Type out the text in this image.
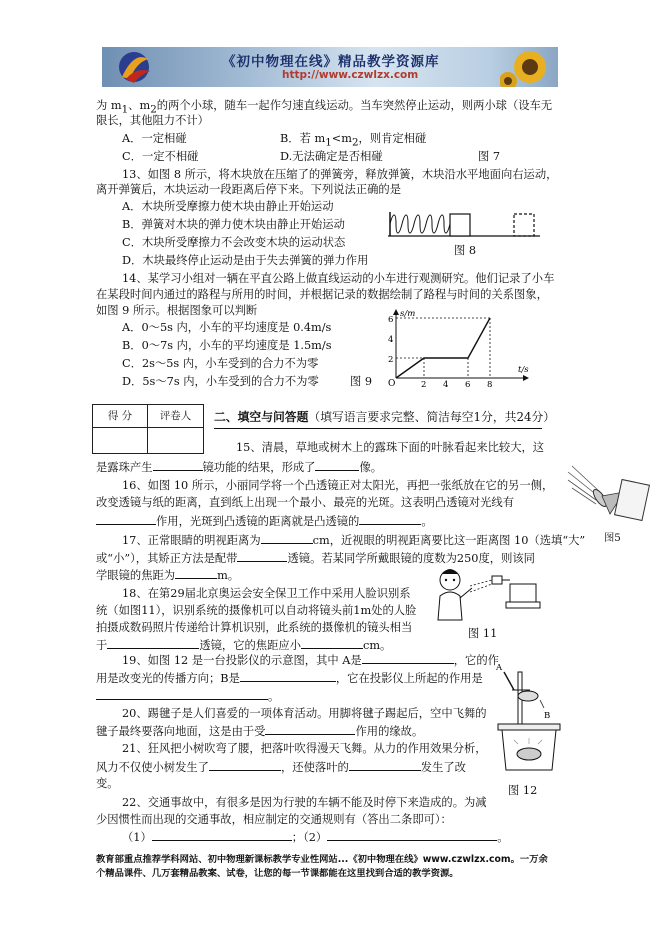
《初中物理在线》精品教学资源库
http://www.czwlzx.com
为 $m_1$、$m_2$的两个小球，随车一起作匀速直线运动。当车突然停止运动，则两小球（设车无
限长，其他阻力不计）
A．一定相碰	B．若 $m_1<m_2$，则肯定相碰
C．一定不相碰	D.无法确定是否相碰	图 7
13、如图 8 所示，将木块放在压缩了的弹簧旁，释放弹簧，木块沿水平地面向右运动，
离开弹簧后，木块运动一段距离后停下来。下列说法正确的是
A．木块所受摩擦力使木块由静止开始运动
B．弹簧对木块的弹力使木块由静止开始运动
C．木块所受摩擦力不会改变木块的运动状态
D．木块最终停止运动是由于失去弹簧的弹力作用
图 8
14、某学习小组对一辆在平直公路上做直线运动的小车进行观测研究。他们记录了小车
在某段时间内通过的路程与所用的时间，并根据记录的数据绘制了路程与时间的关系图象，
如图 9 所示。根据图象可以判断
A．0～5s 内，小车的平均速度是 0.4m/s
B．0～7s 内，小车的平均速度是 1.5m/s
C．2s～5s 内，小车受到的合力不为零
D．5s～7s 内，小车受到的合力不为零
s/m
t/s
O
2
4
6
2 4 6 8
图 9
得 分	评卷人	二、填空与问答题（填写语言要求完整、简洁每空1分，共24分）
15、清晨，草地或树木上的露珠下面的叶脉看起来比较大，这
是露珠产生	镜功能的结果，形成了	像。
16、如图 10 所示，小丽同学将一个凸透镜正对太阳光，再把一张纸放在它的另一侧，
改变透镜与纸的距离，直到纸上出现一个最小、最亮的光斑。这表明凸透镜对光线有
作用，光斑到凸透镜的距离就是凸透镜的	。
图5
17、正常眼睛的明视距离为	cm，近视眼的明视距离要比这一距离图 10（选填“大”
或“小”），其矫正方法是配带	透镜。若某同学所戴眼镜的度数为250度，则该同
学眼镜的焦距为	m。
18、在第29届北京奥运会安全保卫工作中采用人脸识别系
统（如图11），识别系统的摄像机可以自动将镜头前1m处的人脸
拍摄成数码照片传递给计算机识别，此系统的摄像机的镜头相当
于	透镜，它的焦距应小	cm。
图 11
19、如图 12 是一台投影仪的示意图，其中 A是	，它的作
用是改变光的传播方向；B是	，它在投影仪上所起的作用是
。
20、踢毽子是人们喜爱的一项体育活动。用脚将毽子踢起后，空中飞舞的
毽子最终要落向地面，这是由于受	作用的缘故。
21、狂风把小树吹弯了腰，把落叶吹得漫天飞舞。从力的作用效果分析，
风力不仅使小树发生了	，还使落叶的	发生了改
变。
A
B
图 12
22、交通事故中，有很多是因为行驶的车辆不能及时停下来造成的。为减
少因惯性而出现的交通事故，相应制定的交通规则有（答出二条即可）：
（1）	；（2）	。
教育部重点推荐学科网站、初中物理新课标教学专业性网站...《初中物理在线》www.czwlzx.com。一万余
个精品课件、几万套精品教案、试卷，让您的每一节课都能在这里找到合适的教学资源。
